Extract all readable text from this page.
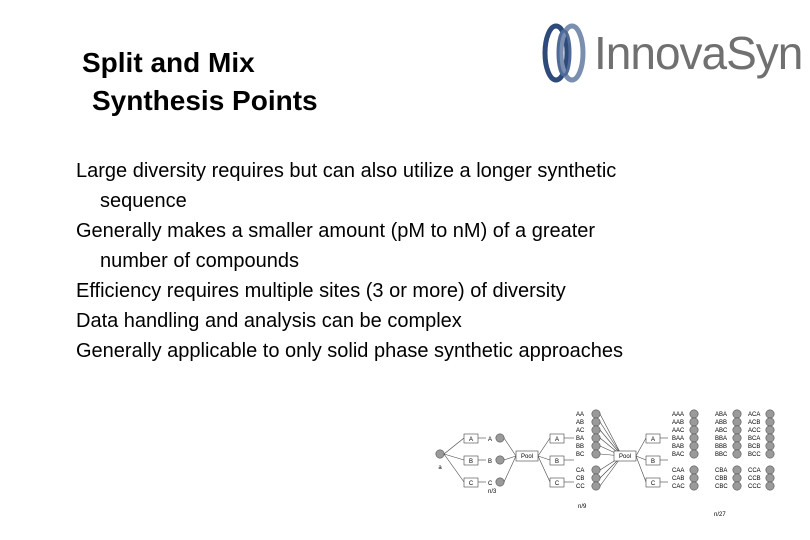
Split and Mix
Synthesis Points
InnovaSyn
Large diversity requires but can also utilize a longer synthetic sequence
Generally makes a smaller amount (pM to nM) of a greater number of compounds
Efficiency requires multiple sites (3 or more) of diversity
Data handling and analysis can be complex
Generally applicable to only solid phase synthetic approaches
a
A A
B B
C C
n/3
Pool
A
B
C
AA
AB
AC
BA
BB
BC
CA
CB
CC
n/9
Pool
A
B
C
AAA
AAB
AAC
BAA
BAB
BAC
CAA
CAB
CAC
ABA
ABB
ABC
BBA
BBB
BBC
CBA
CBB
CBC
ACA
ACB
ACC
BCA
BCB
BCC
CCA
CCB
CCC
n/27
